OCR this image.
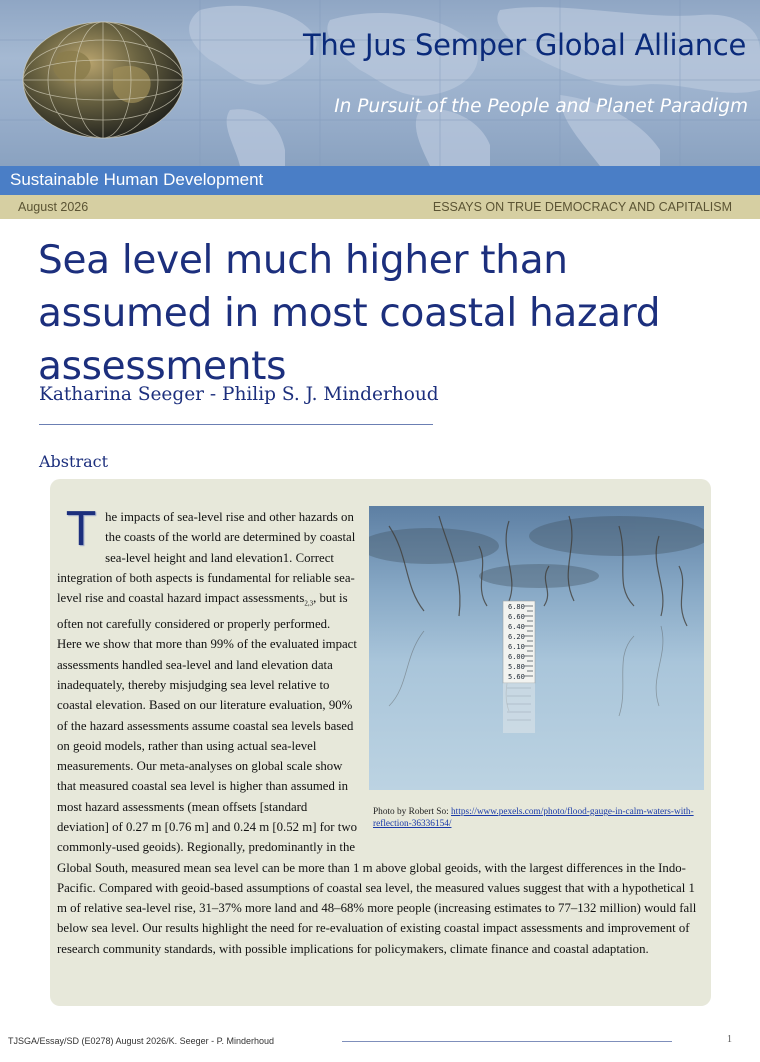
The Jus Semper Global Alliance
In Pursuit of the People and Planet Paradigm
Sustainable Human Development
August 2026	ESSAYS ON TRUE DEMOCRACY AND CAPITALISM
Sea level much higher than assumed in most coastal hazard assessments
Katharina Seeger - Philip S. J. Minderhoud
Abstract

The impacts of sea-level rise and other hazards on the coasts of the world are determined by coastal sea-level height and land elevation1. Correct integration of both aspects is fundamental for reliable sea-level rise and coastal hazard impact assessments$_{2,3}$, but is often not carefully considered or properly performed. Here we show that more than 99% of the evaluated impact assessments handled sea-level and land elevation data inadequately, thereby misjudging sea level relative to coastal elevation. Based on our literature evaluation, 90% of the hazard assessments assume coastal sea levels based on geoid models, rather than using actual sea-level measurements. Our meta-analyses on global scale show that measured coastal sea level is higher than assumed in most hazard assessments (mean offsets [standard deviation] of 0.27 m [0.76 m] and 0.24 m [0.52 m] for two commonly-used geoids). Regionally, predominantly in the Global South, measured mean sea level can be more than 1 m above global geoids, with the largest differences in the Indo-Pacific. Compared with geoid-based assumptions of coastal sea level, the measured values suggest that with a hypothetical 1 m of relative sea-level rise, 31–37% more land and 48–68% more people (increasing estimates to 77–132 million) would fall below sea level. Our results highlight the need for re-evaluation of existing coastal impact assessments and improvement of research community standards, with possible implications for policymakers, climate finance and coastal adaptation.

6.80
6.60
6.40
6.20
6.10
6.00
5.80
5.60
Photo by Robert So: https://www.pexels.com/photo/flood-gauge-in-calm-waters-with-reflection-36336154/
TJSGA/Essay/SD (E0278) August 2026/K. Seeger - P. Minderhoud	1
